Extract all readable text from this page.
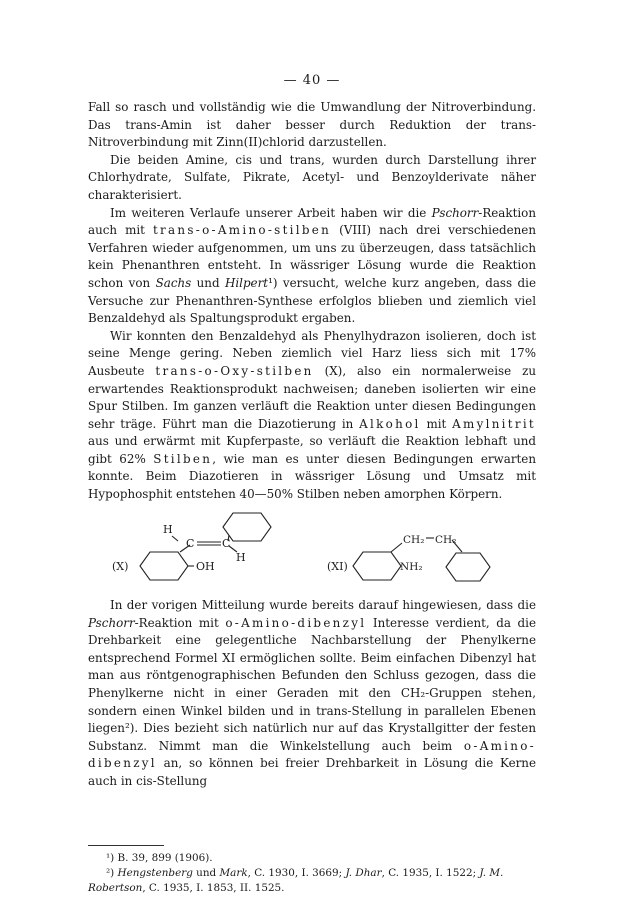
— 40 —

Fall so rasch und vollständig wie die Umwandlung der Nitroverbindung. Das trans-Amin ist daher besser durch Reduktion der trans-Nitroverbindung mit Zinn(II)chlorid darzustellen.

Die beiden Amine, cis und trans, wurden durch Darstellung ihrer Chlorhydrate, Sulfate, Pikrate, Acetyl- und Benzoylderivate näher charakterisiert.

Im weiteren Verlaufe unserer Arbeit haben wir die Pschorr-Reaktion auch mit trans-o-Amino-stilben (VIII) nach drei verschiedenen Verfahren wieder aufgenommen, um uns zu überzeugen, dass tatsächlich kein Phenanthren entsteht. In wässriger Lösung wurde die Reaktion schon von Sachs und Hilpert¹) versucht, welche kurz angeben, dass die Versuche zur Phenanthren-Synthese erfolglos blieben und ziemlich viel Benzaldehyd als Spaltungsprodukt ergaben.

Wir konnten den Benzaldehyd als Phenylhydrazon isolieren, doch ist seine Menge gering. Neben ziemlich viel Harz liess sich mit 17% Ausbeute trans-o-Oxy-stilben (X), also ein normalerweise zu erwartendes Reaktionsprodukt nachweisen; daneben isolierten wir eine Spur Stilben. Im ganzen verläuft die Reaktion unter diesen Bedingungen sehr träge. Führt man die Diazotierung in Alkohol mit Amylnitrit aus und erwärmt mit Kupferpaste, so verläuft die Reaktion lebhaft und gibt 62% Stilben, wie man es unter diesen Bedingungen erwarten konnte. Beim Diazotieren in wässriger Lösung und Umsatz mit Hypophosphit entstehen 40—50% Stilben neben amorphen Körpern.

(X)
H
C	C
H
OH	(XI)
CH₂ CH₂
NH₂

In der vorigen Mitteilung wurde bereits darauf hingewiesen, dass die Pschorr-Reaktion mit o-Amino-dibenzyl Interesse verdient, da die Drehbarkeit eine gelegentliche Nachbarstellung der Phenylkerne entsprechend Formel XI ermöglichen sollte. Beim einfachen Dibenzyl hat man aus röntgenographischen Befunden den Schluss gezogen, dass die Phenylkerne nicht in einer Geraden mit den CH₂-Gruppen stehen, sondern einen Winkel bilden und in trans-Stellung in parallelen Ebenen liegen²). Dies bezieht sich natürlich nur auf das Krystallgitter der festen Substanz. Nimmt man die Winkelstellung auch beim o-Amino-dibenzyl an, so können bei freier Drehbarkeit in Lösung die Kerne auch in cis-Stellung

¹) B. 39, 899 (1906).

²) Hengstenberg und Mark, C. 1930, I. 3669; J. Dhar, C. 1935, I. 1522; J. M. Robertson, C. 1935, I. 1853, II. 1525.
